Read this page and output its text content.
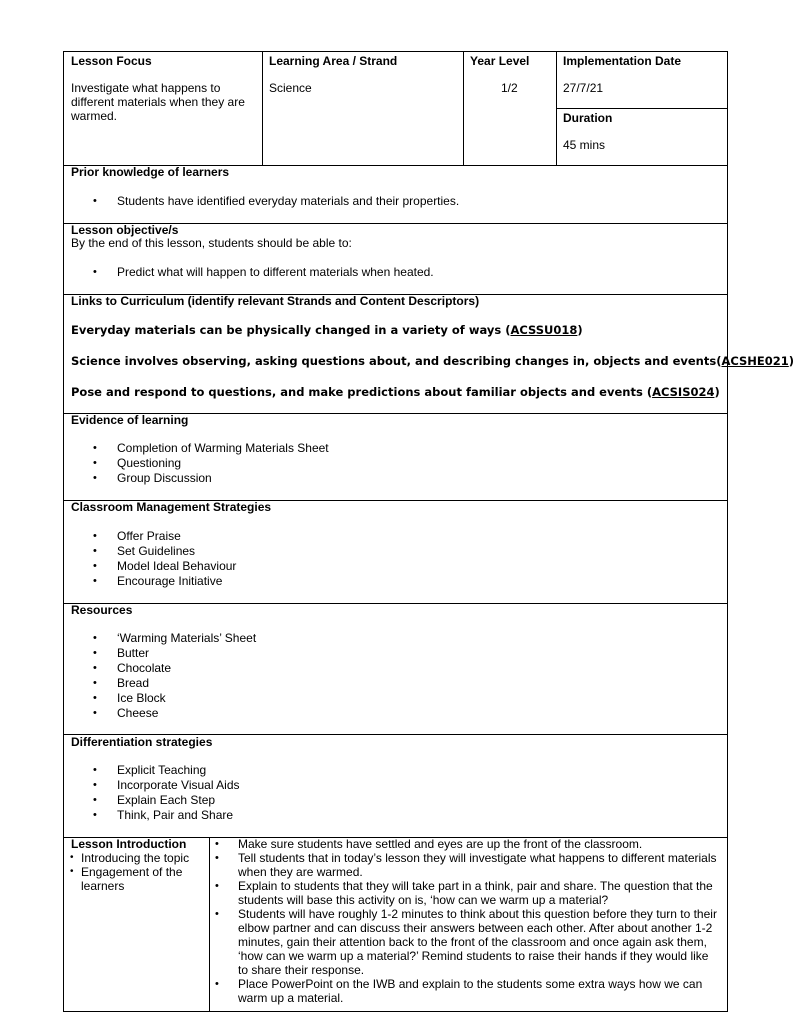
Lesson Focus
Investigate what happens to different materials when they are warmed.
Learning Area / Strand
Science
Year Level
1/2
Implementation Date
27/7/21
Duration
45 mins
Prior knowledge of learners
• Students have identified everyday materials and their properties.
Lesson objective/s
By the end of this lesson, students should be able to:
• Predict what will happen to different materials when heated.
Links to Curriculum (identify relevant Strands and Content Descriptors)
Everyday materials can be physically changed in a variety of ways (ACSSU018)
Science involves observing, asking questions about, and describing changes in, objects and events(ACSHE021)
Pose and respond to questions, and make predictions about familiar objects and events (ACSIS024)
Evidence of learning
• Completion of Warming Materials Sheet
• Questioning
• Group Discussion
Classroom Management Strategies
• Offer Praise
• Set Guidelines
• Model Ideal Behaviour
• Encourage Initiative
Resources
• ‘Warming Materials’ Sheet
• Butter
• Chocolate
• Bread
• Ice Block
• Cheese
Differentiation strategies
• Explicit Teaching
• Incorporate Visual Aids
• Explain Each Step
• Think, Pair and Share
Lesson Introduction
• Introducing the topic
• Engagement of the learners
• Make sure students have settled and eyes are up the front of the classroom.
• Tell students that in today’s lesson they will investigate what happens to different materials when they are warmed.
• Explain to students that they will take part in a think, pair and share. The question that the students will base this activity on is, ‘how can we warm up a material?
• Students will have roughly 1-2 minutes to think about this question before they turn to their elbow partner and can discuss their answers between each other. After about another 1-2 minutes, gain their attention back to the front of the classroom and once again ask them, ‘how can we warm up a material?’ Remind students to raise their hands if they would like to share their response.
• Place PowerPoint on the IWB and explain to the students some extra ways how we can warm up a material.
